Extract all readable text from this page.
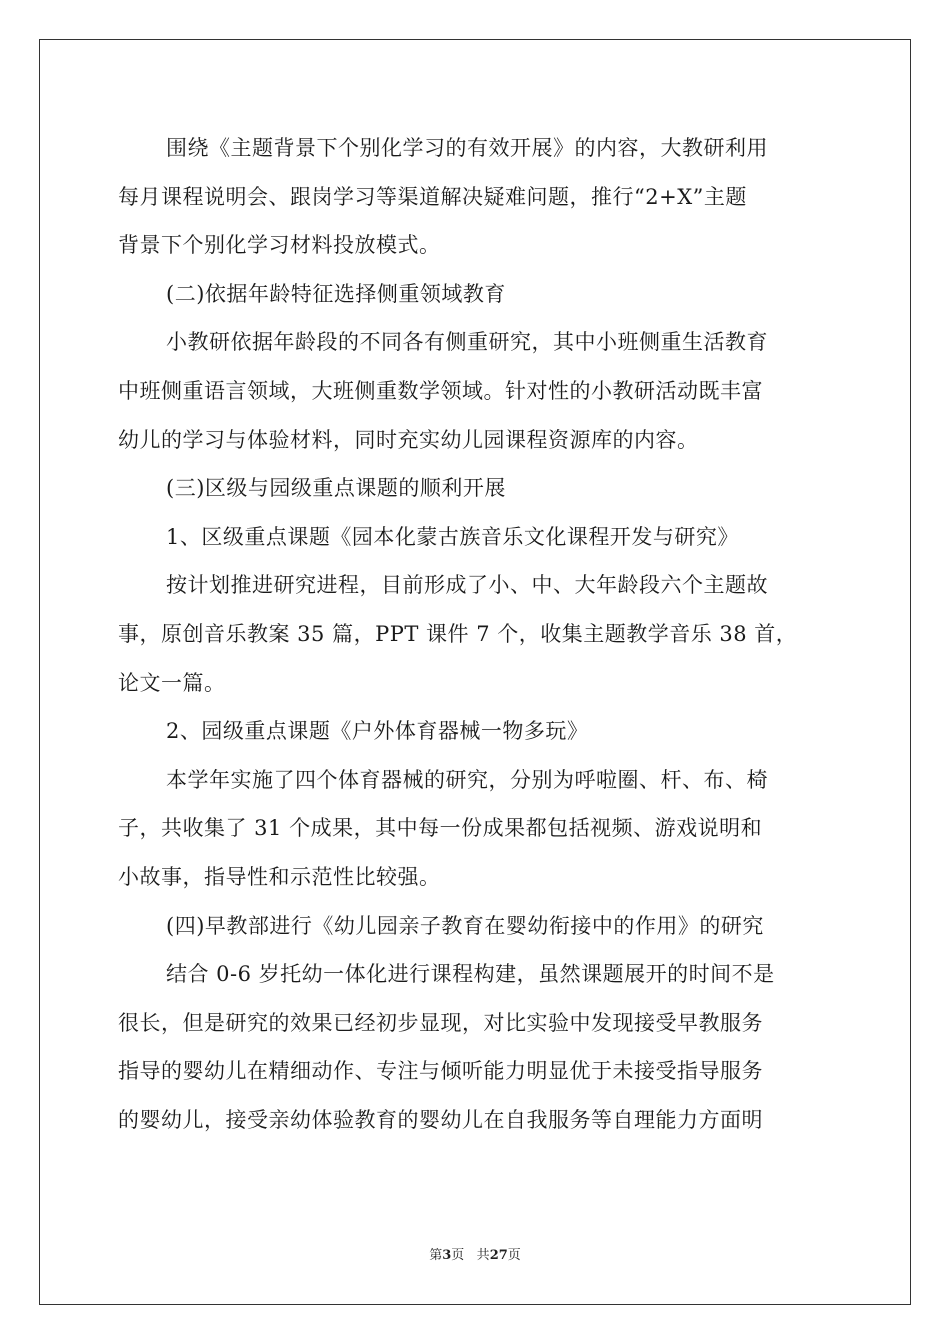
围绕《主题背景下个别化学习的有效开展》的内容，大教研利用
每月课程说明会、跟岗学习等渠道解决疑难问题，推行“2+X”主题
背景下个别化学习材料投放模式。
(二)依据年龄特征选择侧重领域教育
小教研依据年龄段的不同各有侧重研究，其中小班侧重生活教育
中班侧重语言领域，大班侧重数学领域。针对性的小教研活动既丰富
幼儿的学习与体验材料，同时充实幼儿园课程资源库的内容。
(三)区级与园级重点课题的顺利开展
1、区级重点课题《园本化蒙古族音乐文化课程开发与研究》
按计划推进研究进程，目前形成了小、中、大年龄段六个主题故
事，原创音乐教案 35 篇，PPT 课件 7 个，收集主题教学音乐 38 首，
论文一篇。
2、园级重点课题《户外体育器械一物多玩》
本学年实施了四个体育器械的研究，分别为呼啦圈、杆、布、椅
子，共收集了 31 个成果，其中每一份成果都包括视频、游戏说明和
小故事，指导性和示范性比较强。
(四)早教部进行《幼儿园亲子教育在婴幼衔接中的作用》的研究
结合 0-6 岁托幼一体化进行课程构建，虽然课题展开的时间不是
很长，但是研究的效果已经初步显现，对比实验中发现接受早教服务
指导的婴幼儿在精细动作、专注与倾听能力明显优于未接受指导服务
的婴幼儿，接受亲幼体验教育的婴幼儿在自我服务等自理能力方面明
第3页 共27页
